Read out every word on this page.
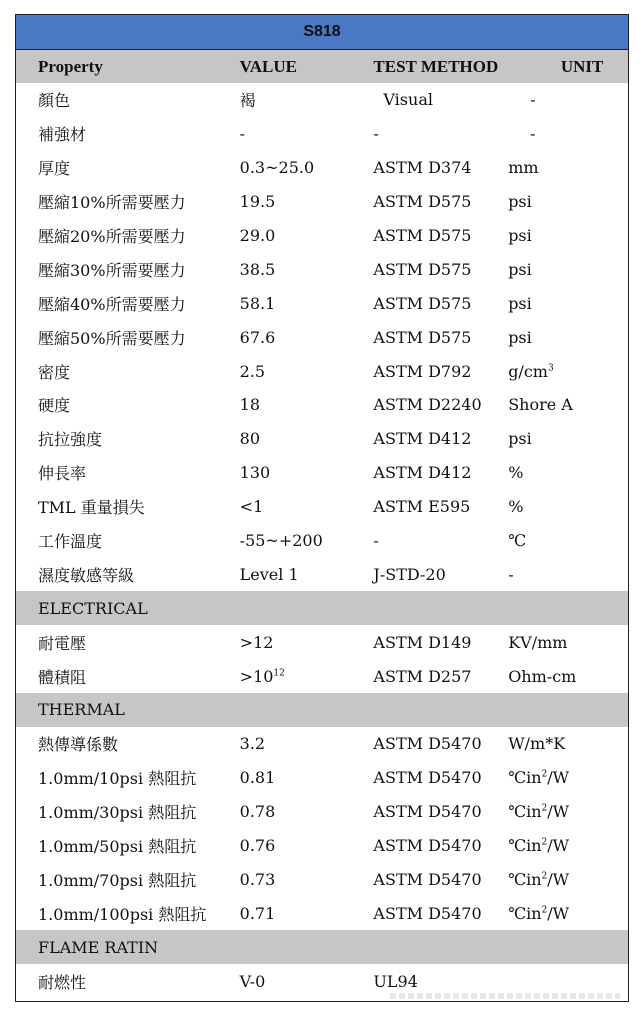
S818
Property	VALUE	TEST METHOD	UNIT
顏色	褐	Visual	-
補強材	-	-	-
厚度	0.3~25.0	ASTM D374	mm
壓縮10%所需要壓力	19.5	ASTM D575	psi
壓縮20%所需要壓力	29.0	ASTM D575	psi
壓縮30%所需要壓力	38.5	ASTM D575	psi
壓縮40%所需要壓力	58.1	ASTM D575	psi
壓縮50%所需要壓力	67.6	ASTM D575	psi
密度	2.5	ASTM D792	$g/cm^3$
硬度	18	ASTM D2240	Shore A
抗拉強度	80	ASTM D412	psi
伸長率	130	ASTM D412	%
TML 重量損失	<1	ASTM E595	%
工作溫度	-55~+200	-	℃
濕度敏感等級	Level 1	J-STD-20	-
ELECTRICAL
耐電壓	>12	ASTM D149	KV/mm
體積阻	$>10^{12}$	ASTM D257	Ohm-cm
THERMAL
熱傳導係數	3.2	ASTM D5470	W/m*K
1.0mm/10psi 熱阻抗	0.81	ASTM D5470	$℃in^2/W$
1.0mm/30psi 熱阻抗	0.78	ASTM D5470	$℃in^2/W$
1.0mm/50psi 熱阻抗	0.76	ASTM D5470	$℃in^2/W$
1.0mm/70psi 熱阻抗	0.73	ASTM D5470	$℃in^2/W$
1.0mm/100psi 熱阻抗	0.71	ASTM D5470	$℃in^2/W$
FLAME RATIN
耐燃性	V-0	UL94
